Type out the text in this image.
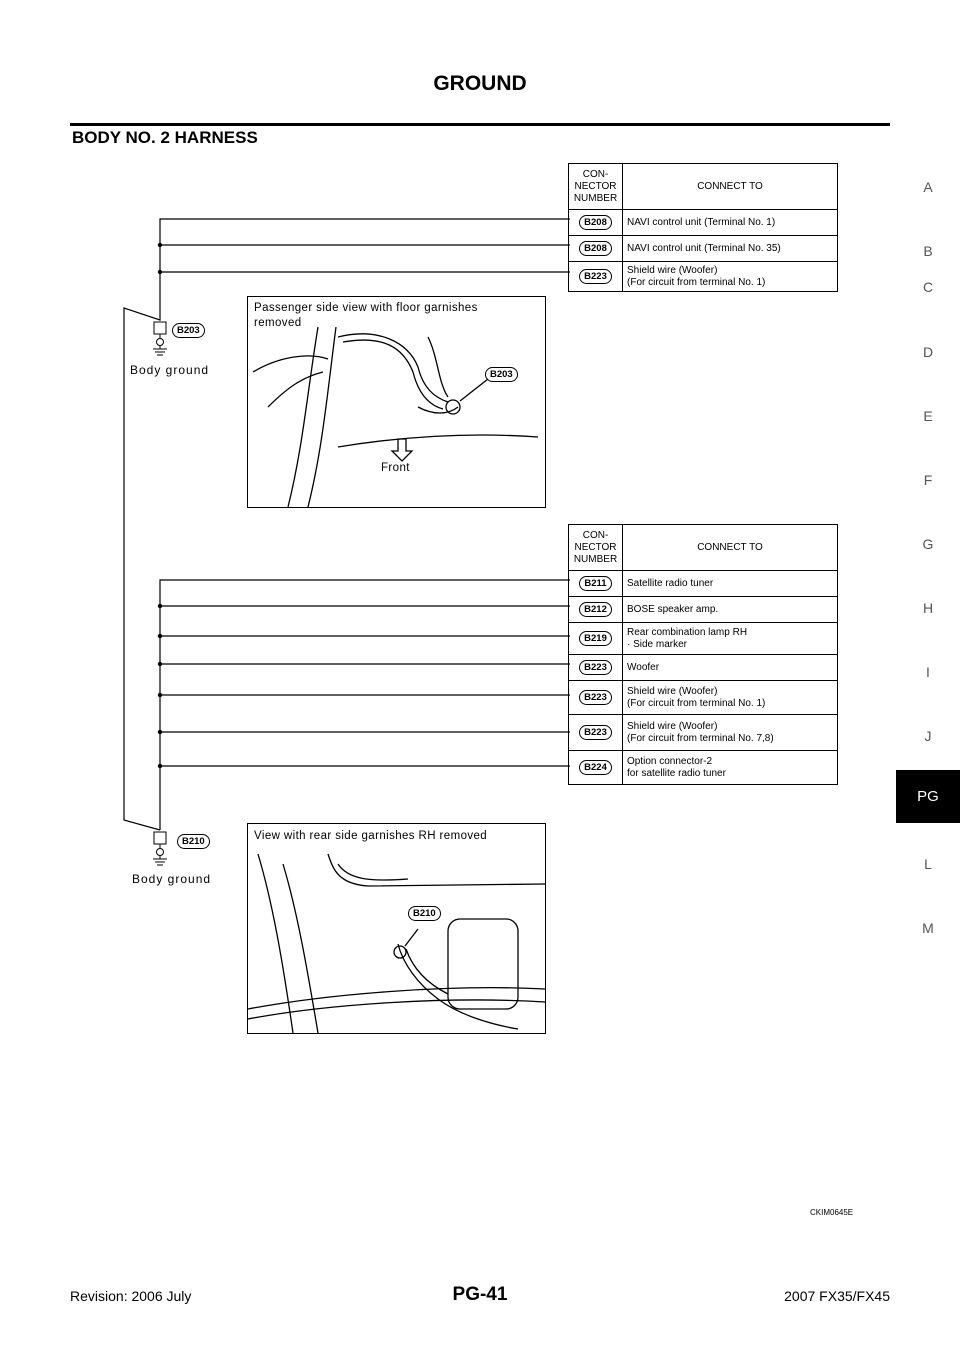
GROUND
BODY NO. 2 HARNESS
A
B
C
D
E
F
G
H
I
J
PG
L
M
B203
Body ground
B210
Body ground
CON-
NECTOR
NUMBER	CONNECT TO
B208	NAVI control unit (Terminal No. 1)
B208	NAVI control unit (Terminal No. 35)
B223	Shield wire (Woofer)
(For circuit from terminal No. 1)
CON-
NECTOR
NUMBER	CONNECT TO
B211	Satellite radio tuner
B212	BOSE speaker amp.
B219	Rear combination lamp RH
· Side marker
B223	Woofer
B223	Shield wire (Woofer)
(For circuit from terminal No. 1)
B223	Shield wire (Woofer)
(For circuit from terminal No. 7,8)
B224	Option connector-2
for satellite radio tuner
Passenger side view with floor garnishes
removed
B203
Front
View with rear side garnishes RH removed
B210
CKIM0645E
Revision: 2006 July	PG-41	2007 FX35/FX45
